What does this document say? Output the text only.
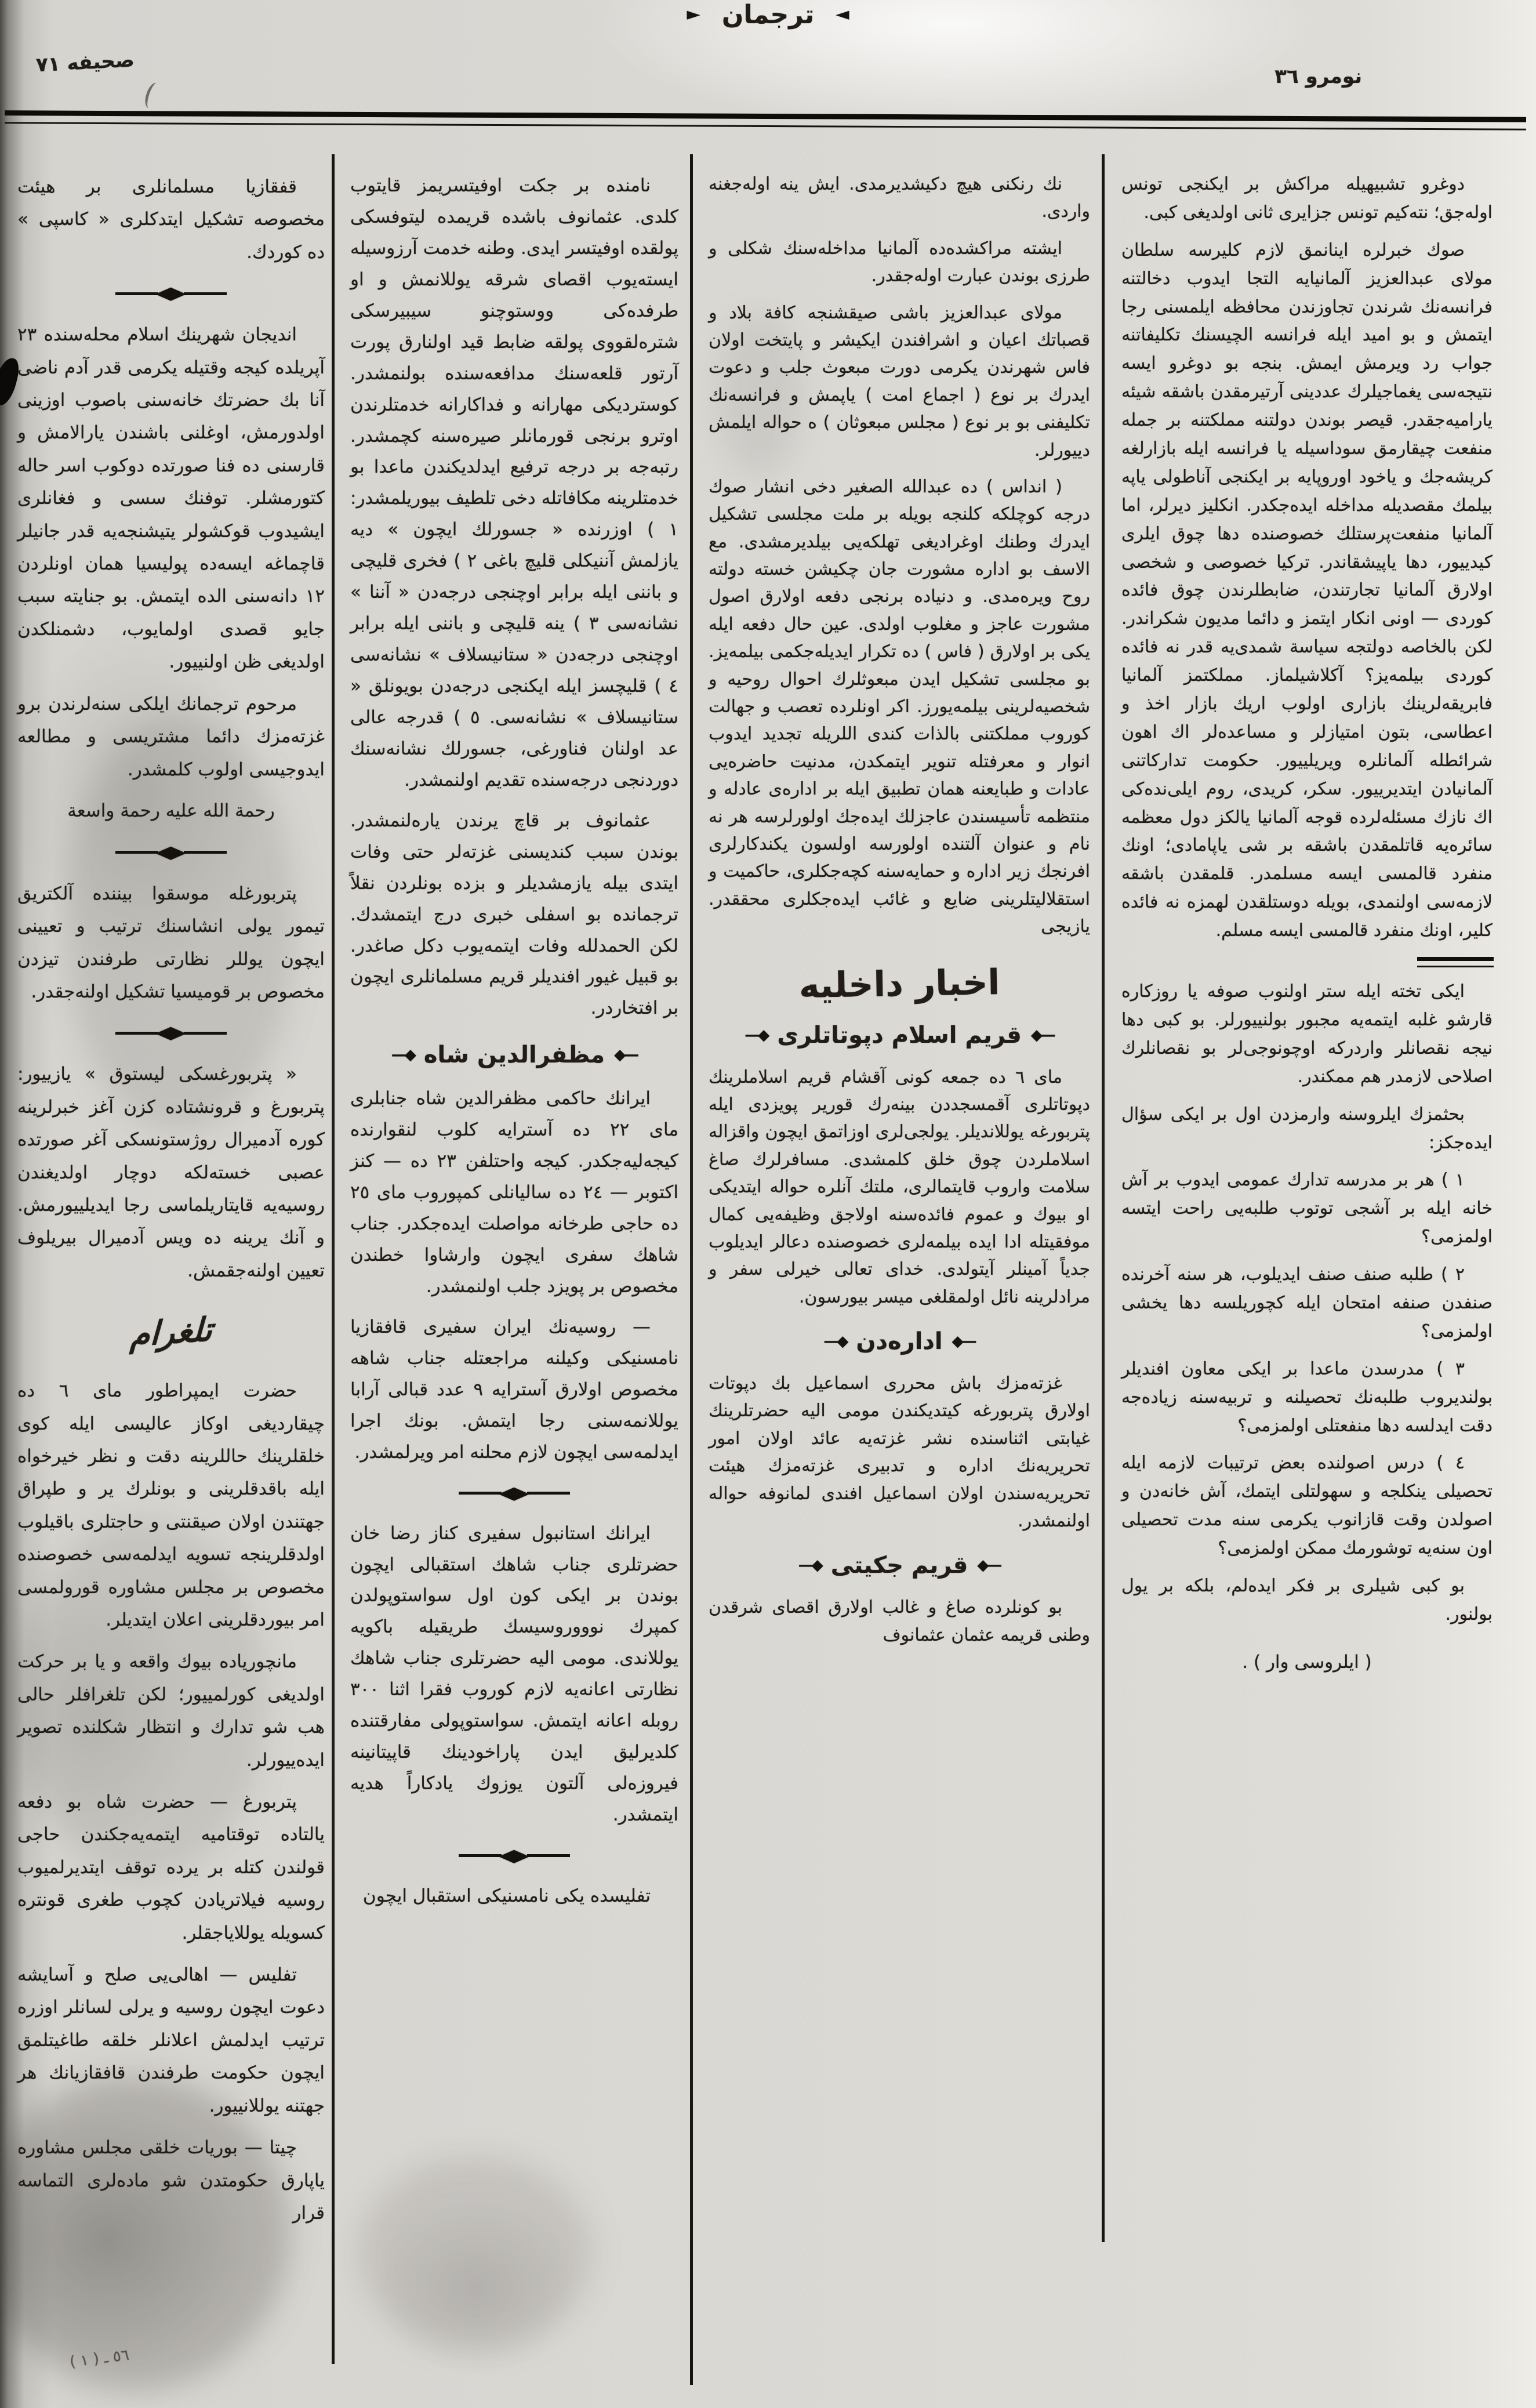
صحيفه ٧١
◄ ترجمان ►
نومرو ٣٦
قفقازیا مسلمانلری بر هیئت مخصوصه تشكیل ایتدكلری « كاسپی » ده كوردك.
◆
اندیجان شهرینك اسلام محله‌سنده ٢٣ آپریلده كیجه وقتیله یكرمی قدر آدم ناضی آنا بك حضرتك خانه‌سنی باصوب اوزینی اولدورمش، اوغلنی باشندن یارالامش و قارسنی ده فنا صورتده دوكوب اسر حاله كتورمشلر. توفنك سسی و فغانلری ایشیدوب قوكشولر یتیشنجه‌یه قدر جانیلر قاچماغه ایسه‌ده پولیسیا همان اونلردن ١٢ دانه‌سنی الده ایتمش. بو جنایته سبب جایو قصدی اولمایوب، دشمنلكدن اولدیغی ظن اولنییور.
مرحوم ترجمانك ایلكی سنه‌لرندن برو غزته‌مزك دائما مشتریسی و مطالعه ایدوجیسی اولوب كلمشدر.
رحمة الله علیه رحمة واسعة
◆
پتربورغله موسقوا بیننده آلكتریق تیمور یولی انشاسنك ترتیب و تعیینی ایچون یوللر نظارتی طرفندن تیزدن مخصوص بر قومیسیا تشكیل اولنه‌جقدر.
◆
« پتربورغسكی لیستوق » یازییور: پتربورغ و قرونشتاده كزن آغز خبرلرینه كوره آدمیرال روژستونسكی آغر صورتده عصبی خسته‌لكه دوچار اولدیغندن روسیه‌یه قایتاریلماسی رجا ایدیلییورمش. و آنك یرینه ده ویس آدمیرال بیریلوف تعیین اولنه‌جقمش.
تلغرام
حضرت ایمپراطور مای ٦ ده چیقاردیغی اوكاز عالیسی ایله كوی خلقلرینك حاللرینه دقت و نظر خیرخواه ایله باقدقلرینی و بونلرك یر و طپراق جهتندن اولان صیقنتی و حاجتلری باقیلوب اولدقلرینجه تسویه ایدلمه‌سی خصوصنده مخصوص بر مجلس مشاوره قورولمسی امر بیوردقلرینی اعلان ایتدیلر.
مانچوریاده بیوك واقعه و یا بر حركت اولدیغی كورلمییور؛ لكن تلغرافلر حالی هب شو تدارك و انتظار شكلنده تصویر ایده‌ییورلر.
پتربورغ — حضرت شاه بو دفعه یالتاده توقتامیه ایتمه‌یه‌جكندن حاجی قولندن كتله بر یرده توقف ایتدیرلمیوب روسیه فیلاتریادن كچوب طغری قونتره كسویله یوللایاجقلر.
تفلیس — اهالی‌یی صلح و آسایشه دعوت ایچون روسیه و یرلی لسانلر اوزره ترتیب ایدلمش اعلانلر خلقه طاغیتلمق ایچون حكومت طرفندن قافقازیانك هر جهتنه یوللانییور.
چیتا — بوریات خلقی مجلس مشاوره یاپارق حكومتدن شو ماده‌لری التماسه قرار
نامنده بر جكت اوفیتسریمز قایتوب كلدی. عثمانوف باشده قریمده لیتوفسكی پولقده اوفیتسر ایدی. وطنه خدمت آرزوسیله ایسته‌یوب اقصای شرقه یوللانمش و او طرفده‌كی ووستوچنو سیبیرسكی شتره‌لقووی پولقه ضابط قید اولنارق پورت آرتور قلعه‌سنك مدافعه‌سنده بولنمشدر. كوستردیكی مهارانه و فداكارانه خدمتلرندن اوترو برنجی قورمانلر صیره‌سنه كچمشدر. رتبه‌جه بر درجه ترفیع ایدلدیكندن ماعدا بو خدمتلرینه مكافاتله دخی تلطیف بیوریلمشدر: ١ ) اوزرنده « جسورلك ایچون » دیه یازلمش آننیكلی قلیچ باغی ٢ ) فخری قلیچی و باننی ایله برابر اوچنجی درجه‌دن « آننا » نشانه‌سی ٣ ) ینه قلیچی و باننی ایله برابر اوچنجی درجه‌دن « ستانیسلاف » نشانه‌سی ٤ ) قلیچسز ایله ایكنجی درجه‌دن بویونلق « ستانیسلاف » نشانه‌سی. ٥ ) قدرجه عالی عد اولنان فناورغی، جسورلك نشانه‌سنك دوردنجی درجه‌سنده تقدیم اولنمشدر.
عثمانوف بر قاچ یرندن یاره‌لنمشدر. بوندن سبب كندیسنی غزته‌لر حتی وفات ایتدی بیله یازمشدیلر و بزده بونلردن نقلاً ترجمانده بو اسفلی خبری درج ایتمشدك. لكن الحمدلله وفات ایتمه‌یوب دكل صاغدر. بو قبیل غیور افندیلر قریم مسلمانلری ایچون بر افتخاردر.
—◆
مظفرالدین شاه
◆—
ایرانك حاكمی مظفرالدین شاه جنابلری مای ٢٢ ده آسترایه كلوب لنقوارنده كیجه‌لیه‌جكدر. كیجه واحتلفن ٢٣ ده — كنز اكتوبر — ٢٤ ده سالیانلی كمپوروب مای ٢٥ ده حاجی طرخانه مواصلت ایده‌جكدر. جناب شاهك سفری ایچون وارشاوا خطندن مخصوص بر پویزد جلب اولنمشدر.
— روسیه‌نك ایران سفیری قافقازیا نامسنیكی وكیلنه مراجعتله جناب شاهه مخصوص اولارق آسترایه ٩ عدد قبالی آرابا یوللانمه‌سنی رجا ایتمش. بونك اجرا ایدلمه‌سی ایچون لازم محلنه امر ویرلمشدر.
◆
ایرانك استانبول سفیری كناز رضا خان حضرتلری جناب شاهك استقبالی ایچون بوندن بر ایكی كون اول سواستوپولدن كمپرك نوووروسیسك طریقیله باكویه یوللاندی. مومی الیه حضرتلری جناب شاهك نظارتی اعانه‌یه لازم كوروب فقرا اثنا ٣٠٠ روبله اعانه ایتمش. سواستوپولی مفارقتنده كلدیرلیق ایدن پاراخودینك قاپیتانینه فیروزه‌لی آلتون یوزوك یادكاراً هدیه ایتمشدر.
◆
تفلیسده یكی نامسنیكی استقبال ایچون
نك رنكنی هیچ دكیشدیرمدی. ایش ینه اوله‌جغنه واردی.
ایشته مراكشده‌ده آلمانیا مداخله‌سنك شكلی و طرزی بوندن عبارت اوله‌جقدر.
مولای عبدالعزیز باشی صیقشنجه كافة بلاد و قصباتك اعیان و اشرافندن ایكیشر و پایتخت اولان فاس شهرندن یكرمی دورت مبعوث جلب و دعوت ایدرك بر نوع ( اجماع امت ) یاپمش و فرانسه‌نك تكلیفنی بو بر نوع ( مجلس مبعوثان ) ه حواله ایلمش دییورلر.
( انداس ) ده عبدالله الصغیر دخی انشار صوك درجه كوچلكه كلنجه بویله بر ملت مجلسی تشكیل ایدرك وطنك اوغرادیغی تهلكه‌یی بیلدیرمشدی. مع الاسف بو اداره مشورت جان چكیشن خسته دولته روح ویره‌مدی. و دنیاده برنجی دفعه اولارق اصول مشورت عاجز و مغلوب اولدی. عین حال دفعه ایله یكی بر اولارق ( فاس ) ده تكرار ایدیله‌جكمی بیلمه‌یز. بو مجلسی تشكیل ایدن مبعوثلرك احوال روحیه و شخصیه‌لرینی بیلمه‌یورز. اكر اونلرده تعصب و جهالت كوروب مملكتنی بالذات كندی اللریله تجدید ایدوب انوار و معرفتله تنویر ایتمكدن، مدنیت حاضره‌یی عادات و طبایعنه همان تطبیق ایله بر اداره‌ی عادله و منتظمه تأسیسندن عاجزلك ایده‌جك اولورلرسه هر نه نام و عنوان آلتنده اولورسه اولسون یكندكارلری افرنجك زیر اداره و حمایه‌سنه كچه‌جكلری، حاكمیت و استقلالیتلرینی ضایع و غائب ایده‌جكلری محققدر. یازیجی
اخبار داخلیه
—◆
قریم اسلام دپوتاتلری
◆—
مای ٦ ده جمعه كونی آقشام قریم اسلاملرینك دپوتاتلری آقمسجددن بینه‌رك قوریر پویزدی ایله پتربورغه یوللاندیلر. یولجی‌لری اوزاتمق ایچون واقزاله اسلاملردن چوق خلق كلمشدی. مسافرلرك صاغ سلامت واروب قایتمالری، ملتك آنلره حواله ایتدیكی او بیوك و عموم فائده‌سنه اولاجق وظیفه‌یی كمال موفقیتله ادا ایده بیلمه‌لری خصوصنده دعالر ایدیلوب جدیاً آمینلر آیتولدی. خدای تعالی خیرلی سفر و مرادلرینه نائل اولمقلغی میسر بیورسون.
—◆
اداره‌دن
◆—
غزته‌مزك باش محرری اسماعیل بك دپوتات اولارق پتربورغه كیتدیكندن مومی الیه حضرتلرینك غیابتی اثناسنده نشر غزته‌یه عائد اولان امور تحریریه‌نك اداره و تدبیری غزته‌مزك هیئت تحریریه‌سندن اولان اسماعیل افندی لمانوفه حواله اولنمشدر.
—◆
قریم جكیتی
◆—
بو كونلرده صاغ و غالب اولارق اقصای شرقدن وطنی قریمه عثمان عثمانوف
دوغرو تشبیهیله مراكش بر ایكنجی تونس اوله‌جق؛ نته‌كیم تونس جزایری ثانی اولدیغی كبی.
صوك خبرلره اینانمق لازم كلیرسه سلطان مولای عبدالعزیز آلمانیایه التجا ایدوب دخالتنه فرانسه‌نك شرندن تجاوزندن محافظه ایلمسنی رجا ایتمش و بو امید ایله فرانسه الچیسنك تكلیفاتنه جواب رد ویرمش ایمش. بنجه بو دوغرو ایسه نتیجه‌سی یغماجیلرك عددینی آرتیرمقدن باشقه شیئه یارامیه‌جقدر. قیصر بوندن دولتنه مملكتنه بر جمله منفعت چیقارمق سوداسیله یا فرانسه ایله بازارلغه كریشه‌جك و یاخود اوروپایه بر ایكنجی آناطولی یاپه بیلمك مقصدیله مداخله ایده‌جكدر. انكلیز دیرلر، اما آلمانیا منفعت‌پرستلك خصوصنده دها چوق ایلری كیدییور، دها یاپیشقاندر. تركیا خصوصی و شخصی اولارق آلمانیا تجارتندن، ضابطلرندن چوق فائده كوردی — اونی انكار ایتمز و دائما مدیون شكراندر. لكن بالخاصه دولتجه سیاسة شمدی‌یه قدر نه فائده كوردی بیلمه‌یز؟ آكلاشیلماز. مملكتمز آلمانیا فابریقه‌لرینك بازاری اولوب اریك بازار اخذ و اعطاسی، بتون امتیازلر و مساعده‌لر اك اهون شرائطله آلمانلره ویریلییور. حكومت تداركاتنی آلمانیادن ایتدیرییور. سكر، كریدی، روم ایلی‌نده‌كی اك نازك مسئله‌لرده قوجه آلمانیا یالكز دول معظمه سائره‌یه قاتلمقدن باشقه بر شی یاپامادی؛ اونك منفرد قالمسی ایسه مسلمدر. قلمقدن باشقه لازمه‌سی اولنمدی، بویله دوستلقدن لهمزه نه فائده كلیر، اونك منفرد قالمسی ایسه مسلم.
ایكی تخته ایله ستر اولنوب صوفه یا روزكاره قارشو غلبه ایتمه‌یه مجبور بولنییورلر. بو كبی دها نیجه نقصانلر واردركه اوچونوجی‌لر بو نقصانلرك اصلاحی لازمدر هم ممكندر.
بحثمزك ایلروسنه وارمزدن اول بر ایكی سؤال ایده‌جكز:
١ ) هر بر مدرسه تدارك عمومی ایدوب بر آش خانه ایله بر آشجی توتوب طلبه‌یی راحت ایتسه اولمزمی؟
٢ ) طلبه صنف صنف ایدیلوب، هر سنه آخرنده صنفدن صنفه امتحان ایله كچوریلسه دها یخشی اولمزمی؟
٣ ) مدرسدن ماعدا بر ایكی معاون افندیلر بولندیروب طلبه‌نك تحصیلنه و تربیه‌سنه زیاده‌جه دقت ایدلسه دها منفعتلی اولمزمی؟
٤ ) درس اصولنده بعض ترتیبات لازمه ایله تحصیلی ینكلجه و سهولتلی ایتمك، آش خانه‌دن و اصولدن وقت قازانوب یكرمی سنه مدت تحصیلی اون سنه‌یه توشورمك ممكن اولمزمی؟
بو كبی شیلری بر فكر ایده‌لم، بلكه بر یول بولنور.
( ایلروسی وار ) .
٥٦ ـ ( ١ )
